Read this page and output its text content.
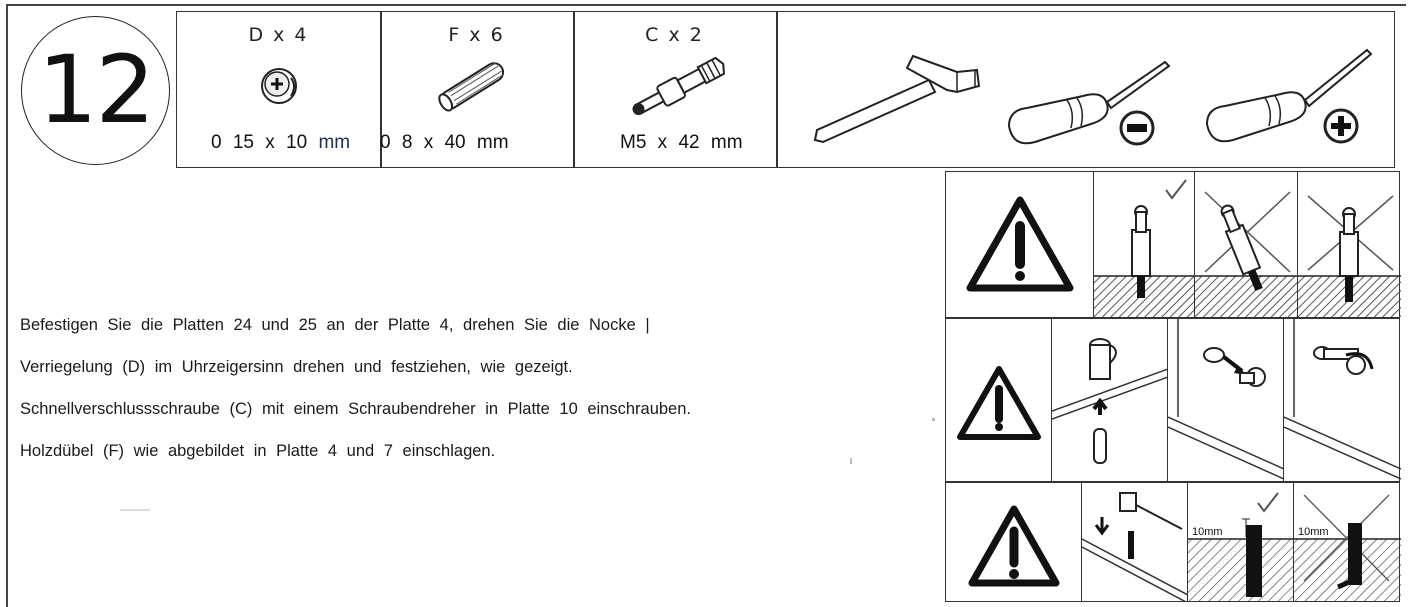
12
D x 4
0 15 x 10 mm
F x 6
0 8 x 40 mm
C x 2
M5 x 42 mm

Befestigen Sie die Platten 24 und 25 an der Platte 4, drehen Sie die Nocke |

Verriegelung (D) im Uhrzeigersinn drehen und festziehen, wie gezeigt.

Schnellverschlussschraube (C) mit einem Schraubendreher in Platte 10 einschrauben.

Holzdübel (F) wie abgebildet in Platte 4 und 7 einschlagen.

10mm	10mm
